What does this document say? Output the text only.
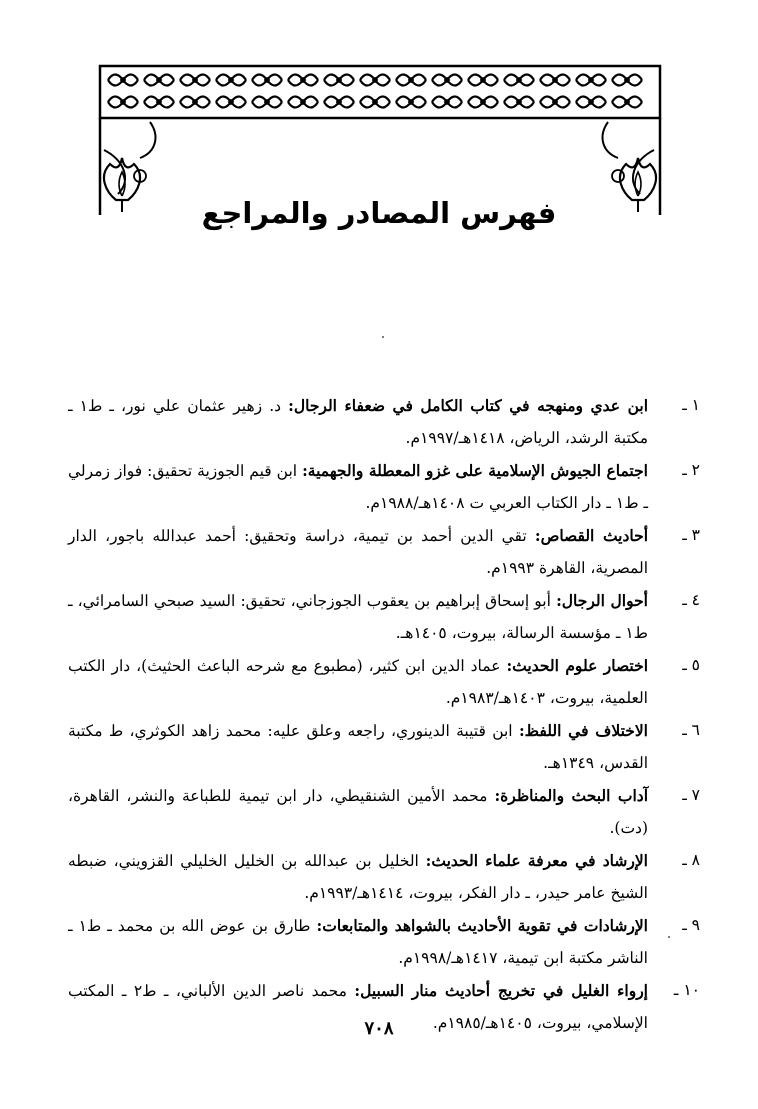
فهرس المصادر والمراجع
١ ـ
ابن عدي ومنهجه في كتاب الكامل في ضعفاء الرجال: د. زهير عثمان علي نور، ـ ط١ ـ مكتبة الرشد، الرياض، ١٤١٨هـ/١٩٩٧م.
٢ ـ
اجتماع الجيوش الإسلامية على غزو المعطلة والجهمية: ابن قيم الجوزية تحقيق: فواز زمرلي ـ ط١ ـ دار الكتاب العربي ت ١٤٠٨هـ/١٩٨٨م.
٣ ـ
أحاديث القصاص: تقي الدين أحمد بن تيمية، دراسة وتحقيق: أحمد عبدالله باجور، الدار المصرية، القاهرة ١٩٩٣م.
٤ ـ
أحوال الرجال: أبو إسحاق إبراهيم بن يعقوب الجوزجاني، تحقيق: السيد صبحي السامرائي، ـ ط١ ـ مؤسسة الرسالة، بيروت، ١٤٠٥هـ.
٥ ـ
اختصار علوم الحديث: عماد الدين ابن كثير، (مطبوع مع شرحه الباعث الحثيث)، دار الكتب العلمية، بيروت، ١٤٠٣هـ/١٩٨٣م.
٦ ـ
الاختلاف في اللفظ: ابن قتيبة الدينوري، راجعه وعلق عليه: محمد زاهد الكوثري، ط مكتبة القدس، ١٣٤٩هـ.
٧ ـ
آداب البحث والمناظرة: محمد الأمين الشنقيطي، دار ابن تيمية للطباعة والنشر، القاهرة، (دت).
٨ ـ
الإرشاد في معرفة علماء الحديث: الخليل بن عبدالله بن الخليل الخليلي القزويني، ضبطه الشيخ عامر حيدر، ـ دار الفكر، بيروت، ١٤١٤هـ/١٩٩٣م.
٩ ـ
الإرشادات في تقوية الأحاديث بالشواهد والمتابعات: طارق بن عوض الله بن محمد ـ ط١ ـ الناشر مكتبة ابن تيمية، ١٤١٧هـ/١٩٩٨م.
١٠ ـ
إرواء الغليل في تخريج أحاديث منار السبيل: محمد ناصر الدين الألباني، ـ ط٢ ـ المكتب الإسلامي، بيروت، ١٤٠٥هـ/١٩٨٥م.
٧٠٨
